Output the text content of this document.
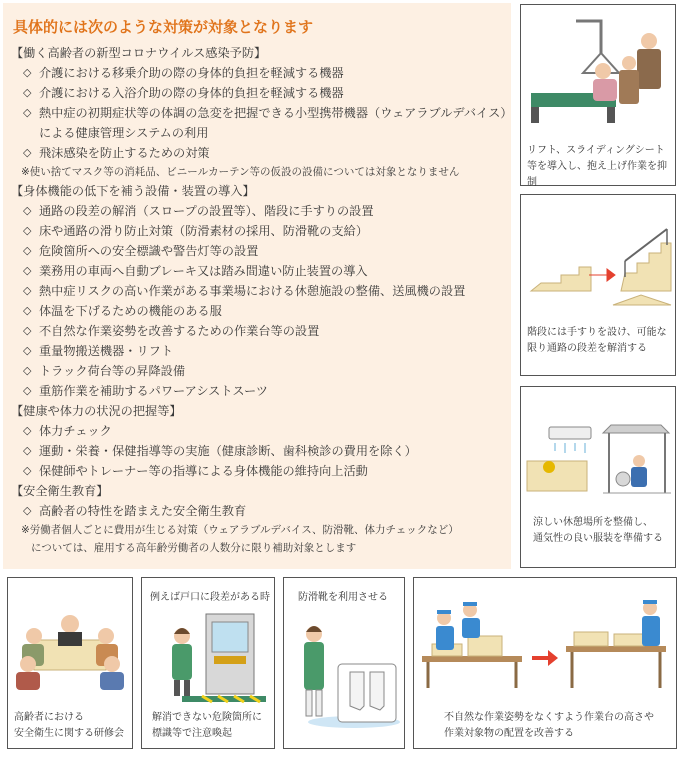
具体的には次のような対策が対象となります
【働く高齢者の新型コロナウイルス感染予防】
◇ 介護における移乗介助の際の身体的負担を軽減する機器
◇ 介護における入浴介助の際の身体的負担を軽減する機器
◇ 熱中症の初期症状等の体調の急変を把握できる小型携帯機器（ウェアラブルデバイス）による健康管理システムの利用
◇ 飛沫感染を防止するための対策
※使い捨てマスク等の消耗品、ビニールカーテン等の仮設の設備については対象となりません
【身体機能の低下を補う設備・装置の導入】
◇ 通路の段差の解消（スロープの設置等）、階段に手すりの設置
◇ 床や通路の滑り防止対策（防滑素材の採用、防滑靴の支給）
◇ 危険箇所への安全標識や警告灯等の設置
◇ 業務用の車両へ自動ブレーキ又は踏み間違い防止装置の導入
◇ 熱中症リスクの高い作業がある事業場における休憩施設の整備、送風機の設置
◇ 体温を下げるための機能のある服
◇ 不自然な作業姿勢を改善するための作業台等の設置
◇ 重量物搬送機器・リフト
◇ トラック荷台等の昇降設備
◇ 重筋作業を補助するパワーアシストスーツ
【健康や体力の状況の把握等】
◇ 体力チェック
◇ 運動・栄養・保健指導等の実施（健康診断、歯科検診の費用を除く）
◇ 保健師やトレーナー等の指導による身体機能の維持向上活動
【安全衛生教育】
◇ 高齢者の特性を踏まえた安全衛生教育
※労働者個人ごとに費用が生じる対策（ウェアラブルデバイス、防滑靴、体力チェックなど）
については、雇用する高年齢労働者の人数分に限り補助対象とします
リフト、スライディングシート
等を導入し、抱え上げ作業を抑制
階段には手すりを設け、可能な
限り通路の段差を解消する
涼しい休憩場所を整備し、
通気性の良い服装を準備する
高齢者における
安全衛生に関する研修会
例えば戸口に段差がある時
解消できない危険箇所に
標識等で注意喚起
防滑靴を利用させる
不自然な作業姿勢をなくすよう作業台の高さや
作業対象物の配置を改善する
